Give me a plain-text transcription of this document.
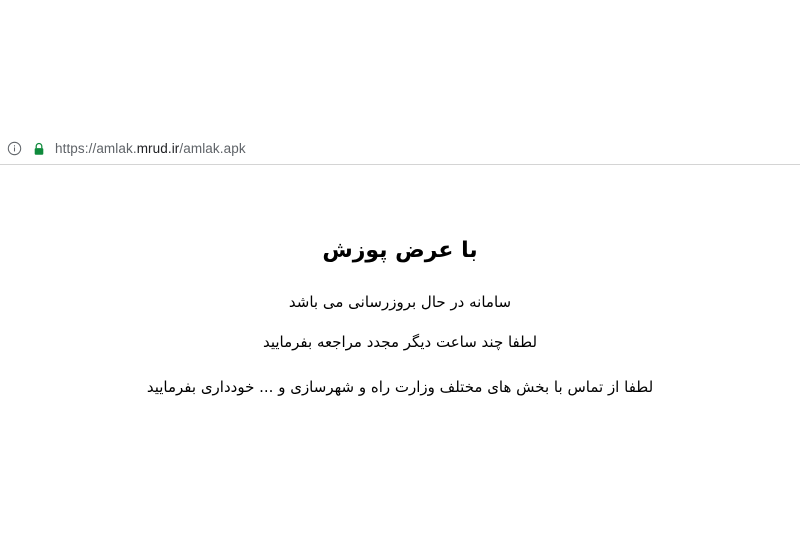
https://amlak.mrud.ir/amlak.apk
با عرض پوزش

سامانه در حال بروزرسانی می باشد

لطفا چند ساعت دیگر مجدد مراجعه بفرمایید

لطفا از تماس با بخش های مختلف وزارت راه و شهرسازی و ... خودداری بفرمایید
